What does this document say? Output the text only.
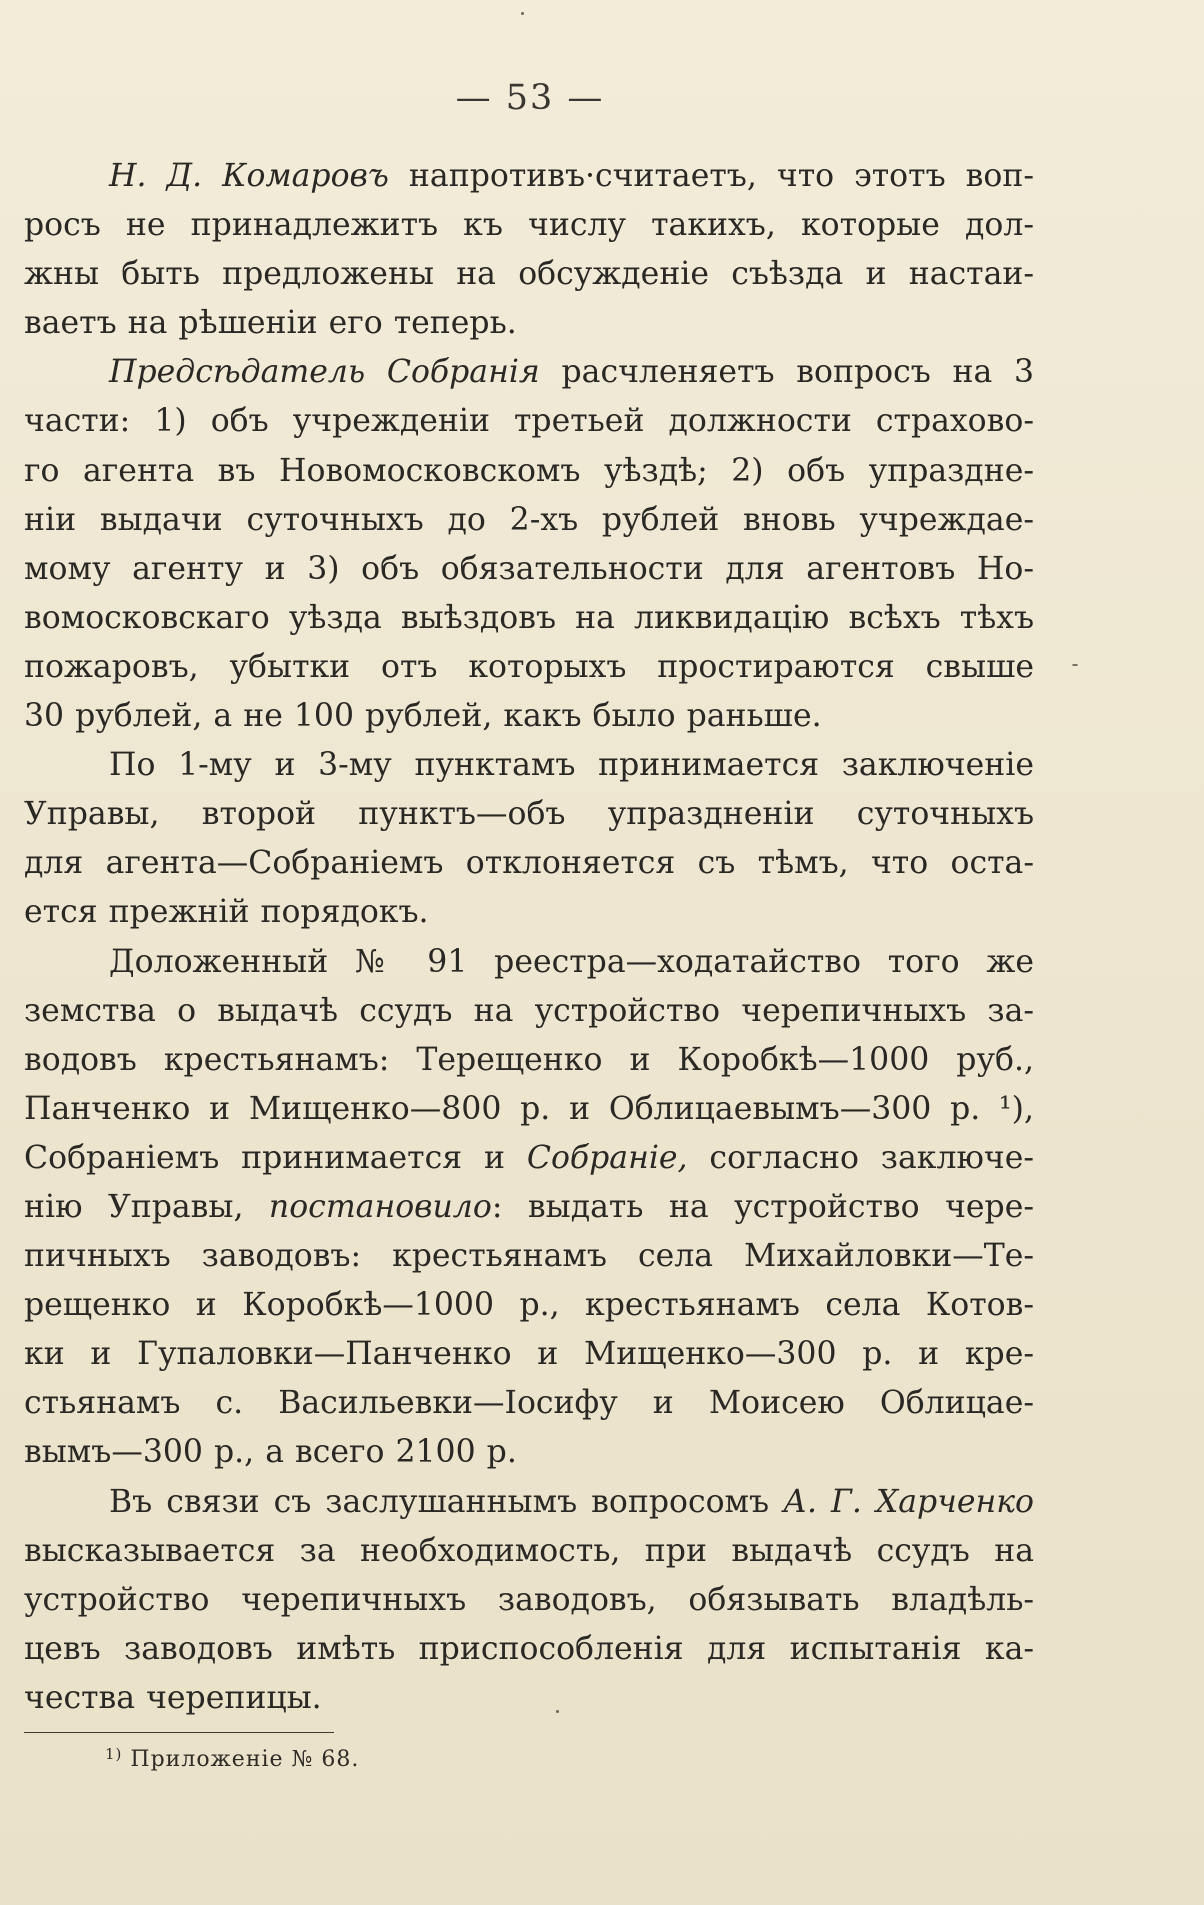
— 53 —
Н. Д. Комаровъ напротивъ·считаетъ, что этотъ воп-
росъ не принадлежитъ къ числу такихъ, которые дол-
жны быть предложены на обсужденіе съѣзда и настаи-
ваетъ на рѣшеніи его теперь.
Предсѣдатель Собранія расчленяетъ вопросъ на 3
части: 1) объ учрежденіи третьей должности страхово-
го агента въ Новомосковскомъ уѣздѣ; 2) объ упраздне-
ніи выдачи суточныхъ до 2-хъ рублей вновь учреждае-
мому агенту и 3) объ обязательности для агентовъ Но-
вомосковскаго уѣзда выѣздовъ на ликвидацію всѣхъ тѣхъ
пожаровъ, убытки отъ которыхъ простираются свыше
30 рублей, а не 100 рублей, какъ было раньше.
По 1-му и 3-му пунктамъ принимается заключеніе
Управы, второй пунктъ—объ упраздненіи суточныхъ
для агента—Собраніемъ отклоняется съ тѣмъ, что оста-
ется прежній порядокъ.
Доложенный № 91 реестра—ходатайство того же
земства о выдачѣ ссудъ на устройство черепичныхъ за-
водовъ крестьянамъ: Терещенко и Коробкѣ—1000 руб.,
Панченко и Мищенко—800 р. и Облицаевымъ—300 р. ¹),
Собраніемъ принимается и Собраніе, согласно заключе-
нію Управы, постановило: выдать на устройство чере-
пичныхъ заводовъ: крестьянамъ села Михайловки—Те-
рещенко и Коробкѣ—1000 р., крестьянамъ села Котов-
ки и Гупаловки—Панченко и Мищенко—300 р. и кре-
стьянамъ с. Васильевки—Іосифу и Моисею Облицае-
вымъ—300 р., а всего 2100 р.
Въ связи съ заслушаннымъ вопросомъ А. Г. Харченко
высказывается за необходимость, при выдачѣ ссудъ на
устройство черепичныхъ заводовъ, обязывать владѣль-
цевъ заводовъ имѣть приспособленія для испытанія ка-
чества черепицы.
$^{1)}$ Приложеніе № 68.
